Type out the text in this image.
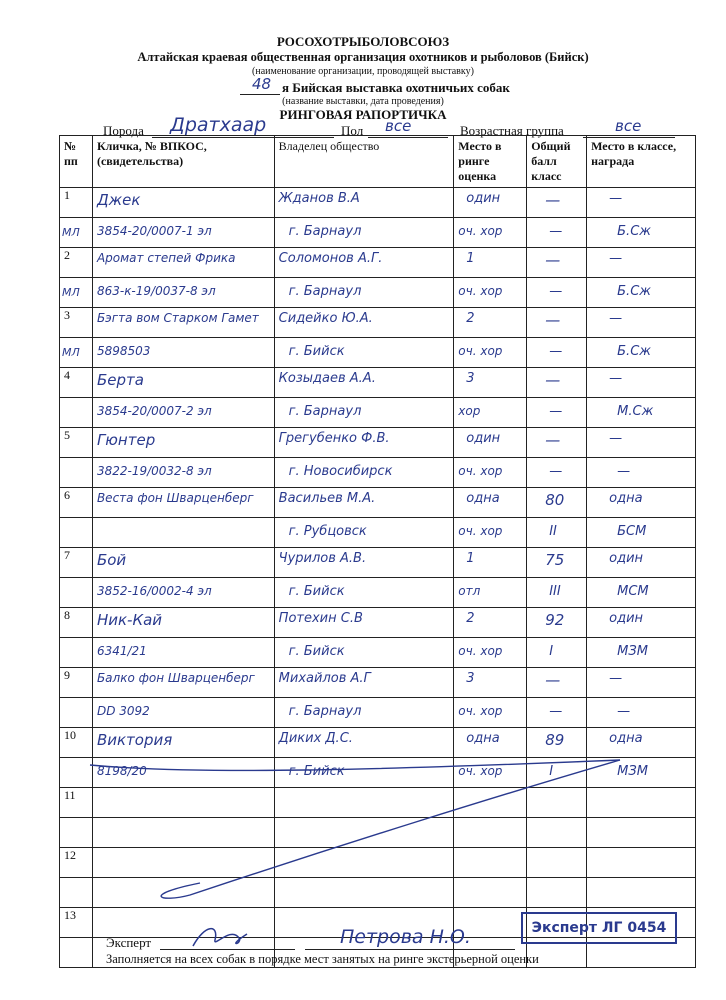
РОСОХОТРЫБОЛОВСОЮЗ
Алтайская краевая общественная организация охотников и рыболовов (Бийск)
(наименование организации, проводящей выставку)
48 я Бийская выставка охотничьих собак
(название выставки, дата проведения)
РИНГОВАЯ РАПОРТИЧКА
Порода Дратхаар	Пол все	Возрастная группа	все
№ пп	Кличка, № ВПКОС, (свидетельства)	Владелец общество	Место в ринге оценка	Общий балл класс	Место в классе, награда
1	Джек	Жданов В.А	один	—	—

МЛ	3854-20/0007-1 эл	г. Барнаул	оч. хор	—	Б.Сж

2	Аромат степей Фрика	Соломонов А.Г.	1	—	—

МЛ	863-к-19/0037-8 эл	г. Барнаул	оч. хор	—	Б.Сж

3	Бэгта вом Старком Гамет	Сидейко Ю.А.	2	—	—

МЛ	5898503	г. Бийск	оч. хор	—	Б.Сж

4	Берта	Козыдаев А.А.	3	—	—

	3854-20/0007-2 эл	г. Барнаул	хор	—	М.Сж

5	Гюнтер	Грегубенко Ф.В.	один	—	—

	3822-19/0032-8 эл	г. Новосибирск	оч. хор	—	—

6	Веста фон Шварценберг	Васильев М.А.	одна	80	одна

		г. Рубцовск	оч. хор	II	БСМ

7	Бой	Чурилов А.В.	1	75	один

	3852-16/0002-4 эл	г. Бийск	отл	III	МСМ

8	Ник-Кай	Потехин С.В	2	92	один

	6341/21	г. Бийск	оч. хор	I	МЗМ

9	Балко фон Шварценберг	Михайлов А.Г	3	—	—

	DD 3092	г. Барнаул	оч. хор	—	—

10	Виктория	Диких Д.С.	одна	89	одна

	8198/20	г. Бийск	оч. хор	I	МЗМ

11	

12	

13	

Эксперт	Петрова Н.О.	Эксперт ЛГ 0454
Заполняется на всех собак в порядке мест занятых на ринге экстерьерной оценки
